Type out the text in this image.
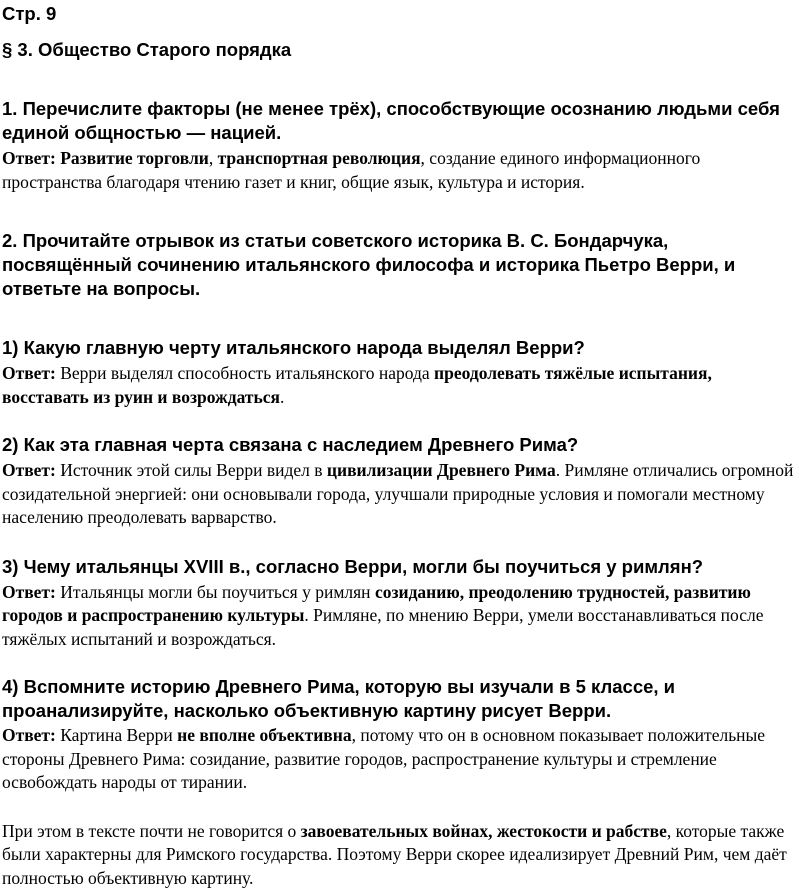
Стр. 9

§ 3. Общество Старого порядка

1. Перечислите факторы (не менее трёх), способствующие осознанию людьми себя единой общностью — нацией.

Ответ: Развитие торговли, транспортная революция, создание единого информационного пространства благодаря чтению газет и книг, общие язык, культура и история.

2. Прочитайте отрывок из статьи советского историка В. С. Бондарчука, посвящённый сочинению итальянского философа и историка Пьетро Верри, и ответьте на вопросы.

1) Какую главную черту итальянского народа выделял Верри?

Ответ: Верри выделял способность итальянского народа преодолевать тяжёлые испытания, восставать из руин и возрождаться.

2) Как эта главная черта связана с наследием Древнего Рима?

Ответ: Источник этой силы Верри видел в цивилизации Древнего Рима. Римляне отличались огромной созидательной энергией: они основывали города, улучшали природные условия и помогали местному населению преодолевать варварство.

3) Чему итальянцы XVIII в., согласно Верри, могли бы поучиться у римлян?

Ответ: Итальянцы могли бы поучиться у римлян созиданию, преодолению трудностей, развитию городов и распространению культуры. Римляне, по мнению Верри, умели восстанавливаться после тяжёлых испытаний и возрождаться.

4) Вспомните историю Древнего Рима, которую вы изучали в 5 классе, и проанализируйте, насколько объективную картину рисует Верри.

Ответ: Картина Верри не вполне объективна, потому что он в основном показывает положительные стороны Древнего Рима: созидание, развитие городов, распространение культуры и стремление освобождать народы от тирании.

При этом в тексте почти не говорится о завоевательных войнах, жестокости и рабстве, которые также были характерны для Римского государства. Поэтому Верри скорее идеализирует Древний Рим, чем даёт полностью объективную картину.
